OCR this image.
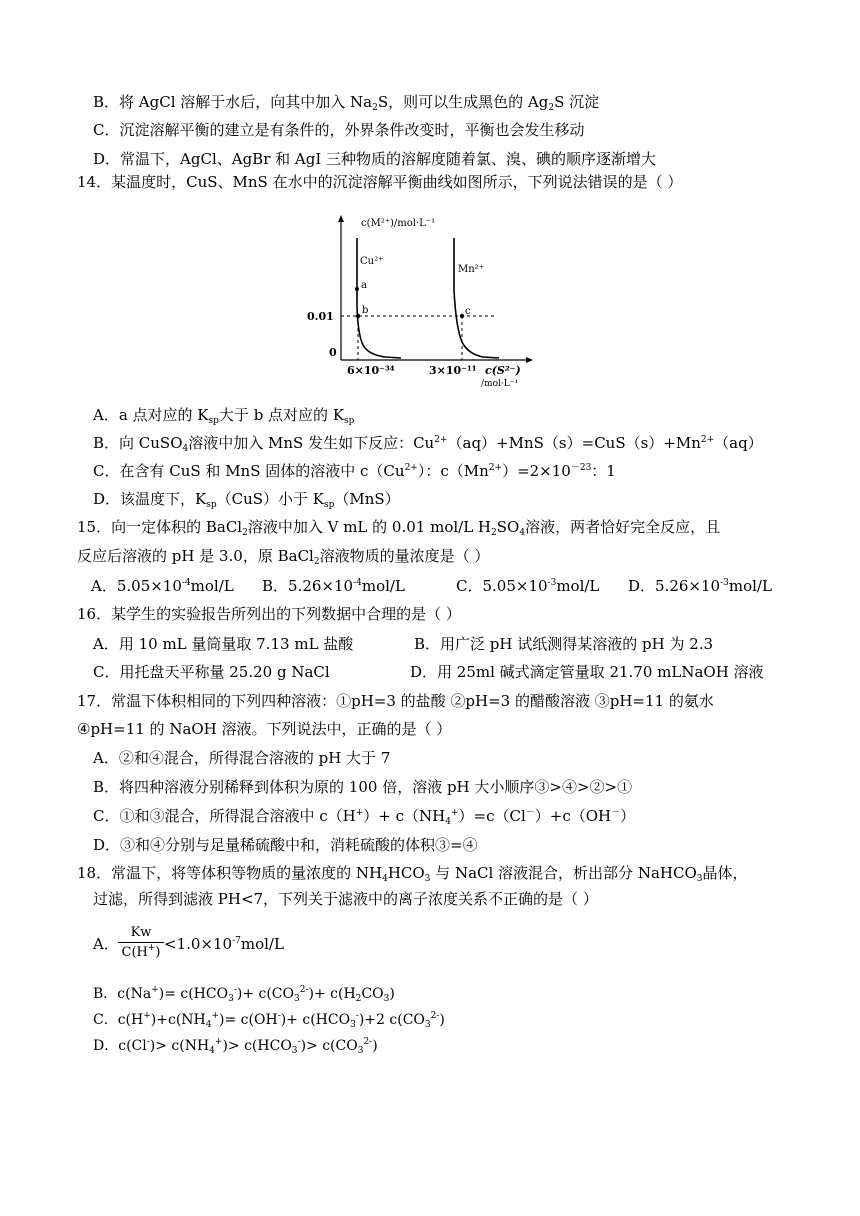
B．将 AgCl 溶解于水后，向其中加入 $Na_2S$，则可以生成黑色的 $Ag_2S$ 沉淀
C．沉淀溶解平衡的建立是有条件的，外界条件改变时，平衡也会发生移动
D．常温下，AgCl、AgBr 和 AgI 三种物质的溶解度随着氯、溴、碘的顺序逐渐增大
14．某温度时，CuS、MnS 在水中的沉淀溶解平衡曲线如图所示，下列说法错误的是（ ）
c(M²⁺)/mol·L⁻¹
Cu²⁺
Mn²⁺
a
b	c
0.01
0
6×10⁻³⁴	3×10⁻¹¹ c(S²⁻)
/mol·L⁻¹
A．a 点对应的 $K_{sp}$大于 b 点对应的 $K_{sp}$
B．向 CuSO$_4$溶液中加入 MnS 发生如下反应：$Cu^{2+}(aq)+MnS(s)=CuS(s)+Mn^{2+}(aq)$
C．在含有 CuS 和 MnS 固体的溶液中 $c(Cu^{2+})$：$c(Mn^{2+})=2\times 10^{-23}$：1
D．该温度下，$K_{sp}(CuS)$小于 $K_{sp}(MnS)$
15．向一定体积的 BaCl$_2$溶液中加入 V mL 的 0.01 mol/L $H_2SO_4$溶液，两者恰好完全反应，且
反应后溶液的 pH 是 3.0，原 BaCl$_2$溶液物质的量浓度是（ ）
A．$5.05\times 10^{-4}mol/L$ B．$5.26\times 10^{-4}mol/L$	C．$5.05\times 10^{-3}mol/L$ D．$5.26\times 10^{-3}mol/L$
16．某学生的实验报告所列出的下列数据中合理的是（ ）
A．用 10 mL 量筒量取 7.13 mL 盐酸	B．用广泛 pH 试纸测得某溶液的 pH 为 2.3
C．用托盘天平称量 25.20 g NaCl	D．用 25ml 碱式滴定管量取 21.70 mLNaOH 溶液
17．常温下体积相同的下列四种溶液：①pH=3 的盐酸 ②pH=3 的醋酸溶液 ③pH=11 的氨水
④pH=11 的 NaOH 溶液。下列说法中，正确的是（ ）
A．②和④混合，所得混合溶液的 pH 大于 7
B．将四种溶液分别稀释到体积为原的 100 倍，溶液 pH 大小顺序③>④>②>①
C．①和③混合，所得混合溶液中 $c(H^+)+ c(NH_4^+)=c(Cl^-)+c(OH^-)$
D．③和④分别与足量稀硫酸中和，消耗硫酸的体积③=④
18．常温下，将等体积等物质的量浓度的 $NH_4HCO_3$ 与 NaCl 溶液混合，析出部分 NaHCO$_3$晶体，
过滤，所得到滤液 PH<7，下列关于滤液中的离子浓度关系不正确的是（ ）
A． $\frac{Kw}{C(H^+)} <1.0\times 10^{-7}mol/L$
B．$c(Na^+)= c(HCO_3^-)+ c(CO_3^{2-})+ c(H_2CO_3)$
C．$c(H^+)+c(NH_4^+)= c(OH^-)+ c(HCO_3^-)+2$ $c(CO_3^{2-})$
D．$c(Cl^-)> c(NH_4^+)> c(HCO_3^-)> c(CO_3^{2-})$
